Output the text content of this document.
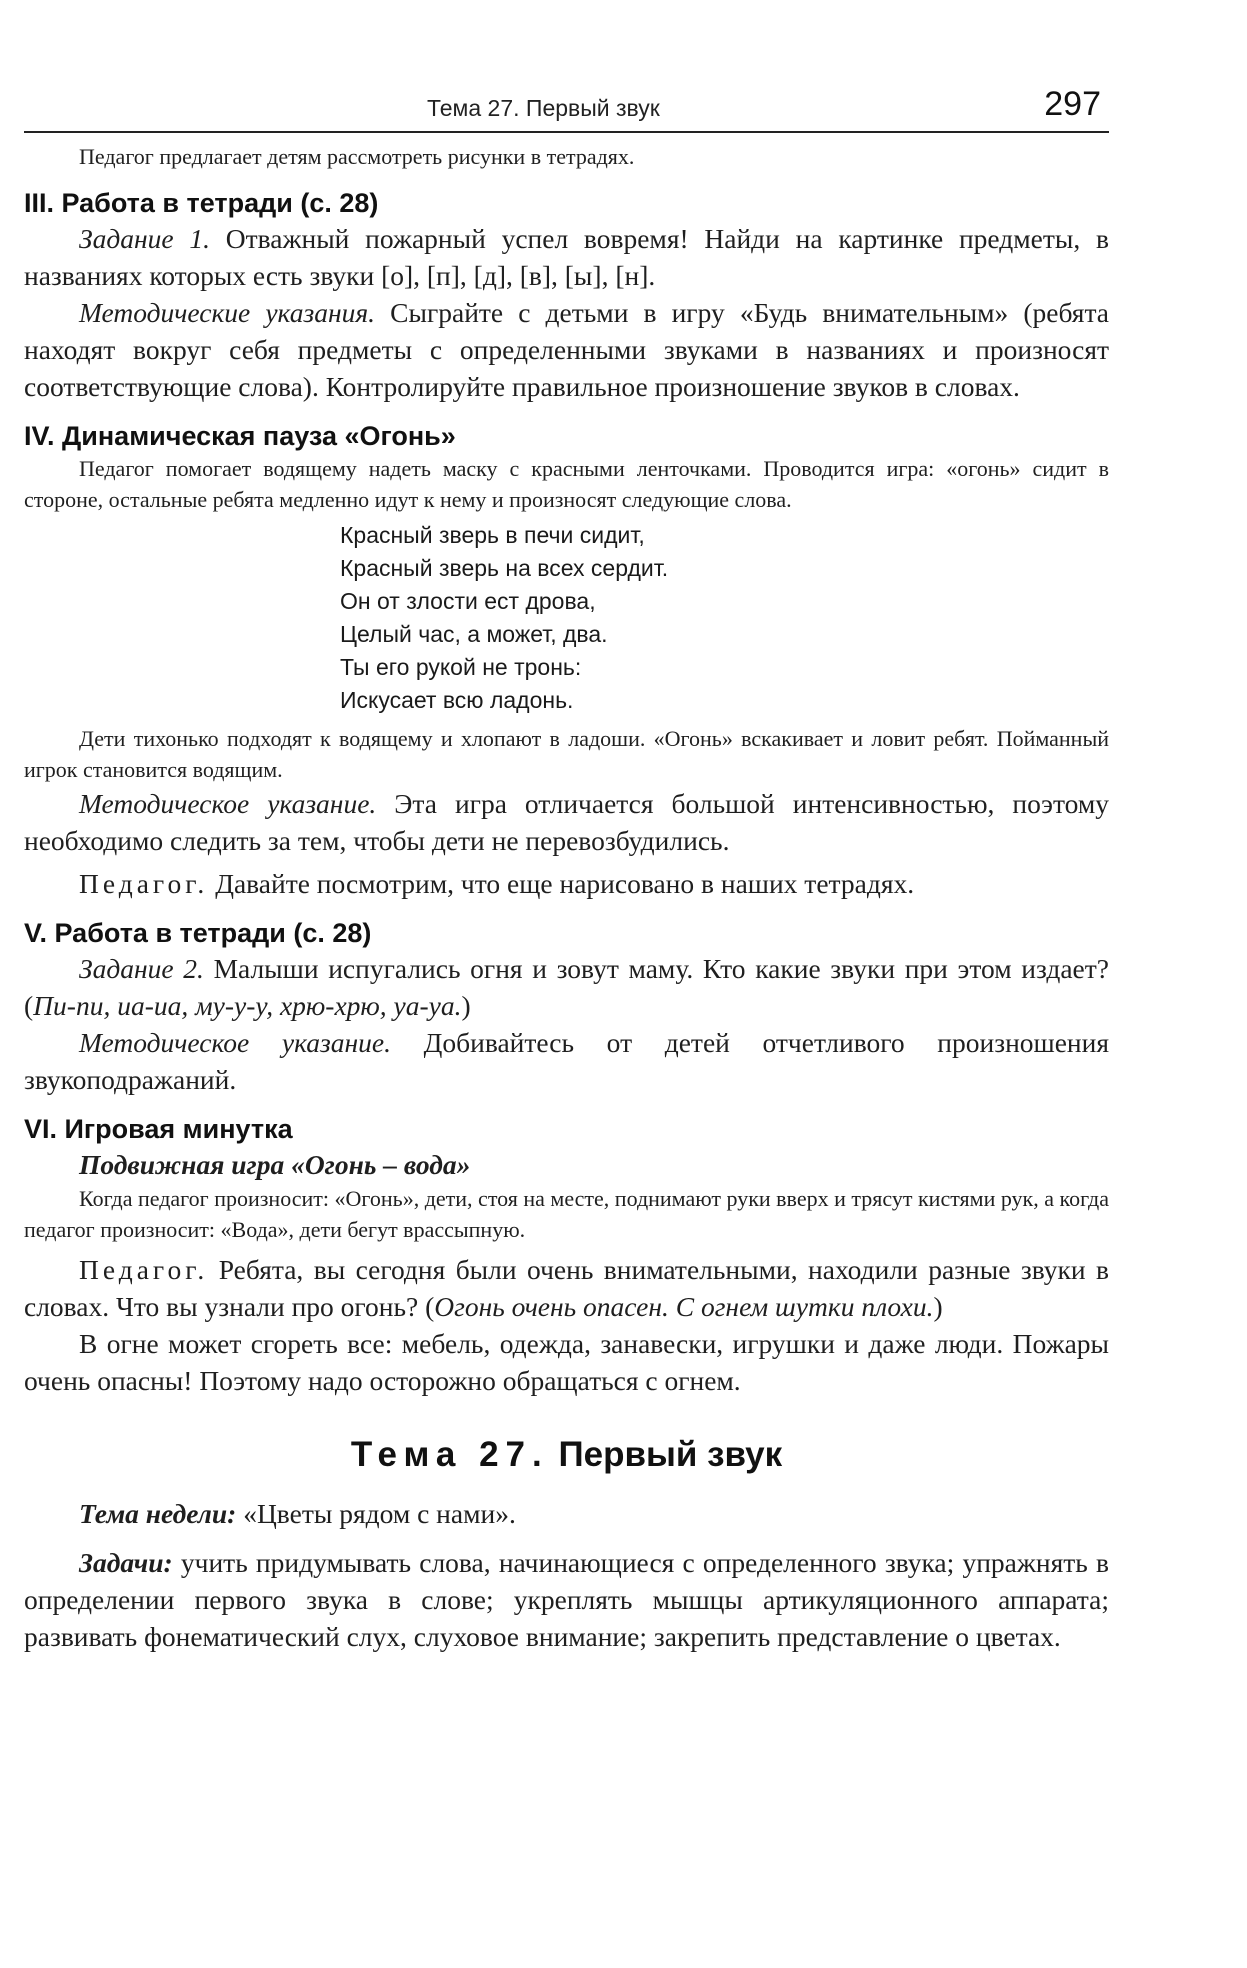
Тема 27. Первый звук	297

Педагог предлагает детям рассмотреть рисунки в тетрадях.

III. Работа в тетради (с. 28)

Задание 1. Отважный пожарный успел вовремя! Найди на картинке предметы, в названиях которых есть звуки [о], [п], [д], [в], [ы], [н].

Методические указания. Сыграйте с детьми в игру «Будь внимательным» (ребята находят вокруг себя предметы с определенными звуками в названиях и произносят соответствующие слова). Контролируйте правильное произношение звуков в словах.

IV. Динамическая пауза «Огонь»

Педагог помогает водящему надеть маску с красными ленточками. Проводится игра: «огонь» сидит в стороне, остальные ребята медленно идут к нему и произносят следующие слова.

Красный зверь в печи сидит,
Красный зверь на всех сердит.
Он от злости ест дрова,
Целый час, а может, два.
Ты его рукой не тронь:
Искусает всю ладонь.

Дети тихонько подходят к водящему и хлопают в ладоши. «Огонь» вскакивает и ловит ребят. Пойманный игрок становится водящим.

Методическое указание. Эта игра отличается большой интенсивностью, поэтому необходимо следить за тем, чтобы дети не перевозбудились.

Педагог. Давайте посмотрим, что еще нарисовано в наших тетрадях.

V. Работа в тетради (с. 28)

Задание 2. Малыши испугались огня и зовут маму. Кто какие звуки при этом издает? (Пи-пи, иа-иа, му-у-у, хрю-хрю, уа-уа.)

Методическое указание. Добивайтесь от детей отчетливого произношения звукоподражаний.

VI. Игровая минутка

Подвижная игра «Огонь – вода»

Когда педагог произносит: «Огонь», дети, стоя на месте, поднимают руки вверх и трясут кистями рук, а когда педагог произносит: «Вода», дети бегут врассыпную.

Педагог. Ребята, вы сегодня были очень внимательными, находили разные звуки в словах. Что вы узнали про огонь? (Огонь очень опасен. С огнем шутки плохи.)

В огне может сгореть все: мебель, одежда, занавески, игрушки и даже люди. Пожары очень опасны! Поэтому надо осторожно обращаться с огнем.

Тема 27. Первый звук

Тема недели: «Цветы рядом с нами».

Задачи: учить придумывать слова, начинающиеся с определенного звука; упражнять в определении первого звука в слове; укреплять мышцы артикуляционного аппарата; развивать фонематический слух, слуховое внимание; закрепить представление о цветах.
